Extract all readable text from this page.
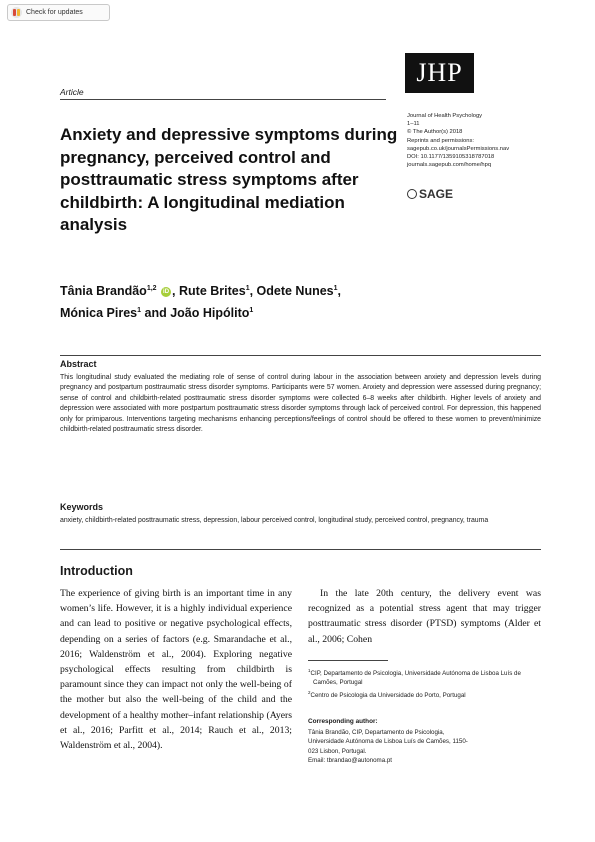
Check for updates
JHP
Article
Anxiety and depressive symptoms during pregnancy, perceived control and posttraumatic stress symptoms after childbirth: A longitudinal mediation analysis
Journal of Health Psychology
1–11
© The Author(s) 2018
Reprints and permissions:
sagepub.co.uk/journalsPermissions.nav
DOI: 10.1177/1359105318787018
journals.sagepub.com/home/hpq
SAGE
Tânia Brandão$^{1,2}$ iD , Rute Brites$^1$, Odete Nunes$^1$,
Mónica Pires$^1$ and João Hipólito$^1$
Abstract
This longitudinal study evaluated the mediating role of sense of control during labour in the association between anxiety and depression levels during pregnancy and postpartum posttraumatic stress disorder symptoms. Participants were 57 women. Anxiety and depression were assessed during pregnancy; sense of control and childbirth-related posttraumatic stress disorder symptoms were collected 6–8 weeks after childbirth. Higher levels of anxiety and depression were associated with more postpartum posttraumatic stress disorder symptoms through lack of perceived control. For depression, this happened only for primiparous. Interventions targeting mechanisms enhancing perceptions/feelings of control should be offered to these women to prevent/minimize childbirth-related posttraumatic stress disorder.
Keywords
anxiety, childbirth-related posttraumatic stress, depression, labour perceived control, longitudinal study, perceived control, pregnancy, trauma
Introduction
The experience of giving birth is an important time in any women’s life. However, it is a highly individual experience and can lead to positive or negative psychological effects, depending on a series of factors (e.g. Smarandache et al., 2016; Waldenström et al., 2004). Exploring negative psychological effects resulting from childbirth is paramount since they can impact not only the well-being of the mother but also the well-being of the child and the development of a healthy mother–infant relationship (Ayers et al., 2016; Parfitt et al., 2014; Rauch et al., 2013; Waldenström et al., 2004).
In the late 20th century, the delivery event was recognized as a potential stress agent that may trigger posttraumatic stress disorder (PTSD) symptoms (Alder et al., 2006; Cohen
$^1$CIP, Departamento de Psicologia, Universidade Autónoma de Lisboa Luís de Camões, Portugal
$^2$Centro de Psicologia da Universidade do Porto, Portugal
Corresponding author:
Tânia Brandão, CIP, Departamento de Psicologia,
Universidade Autónoma de Lisboa Luís de Camões, 1150-
023 Lisbon, Portugal.
Email: tbrandao@autonoma.pt
